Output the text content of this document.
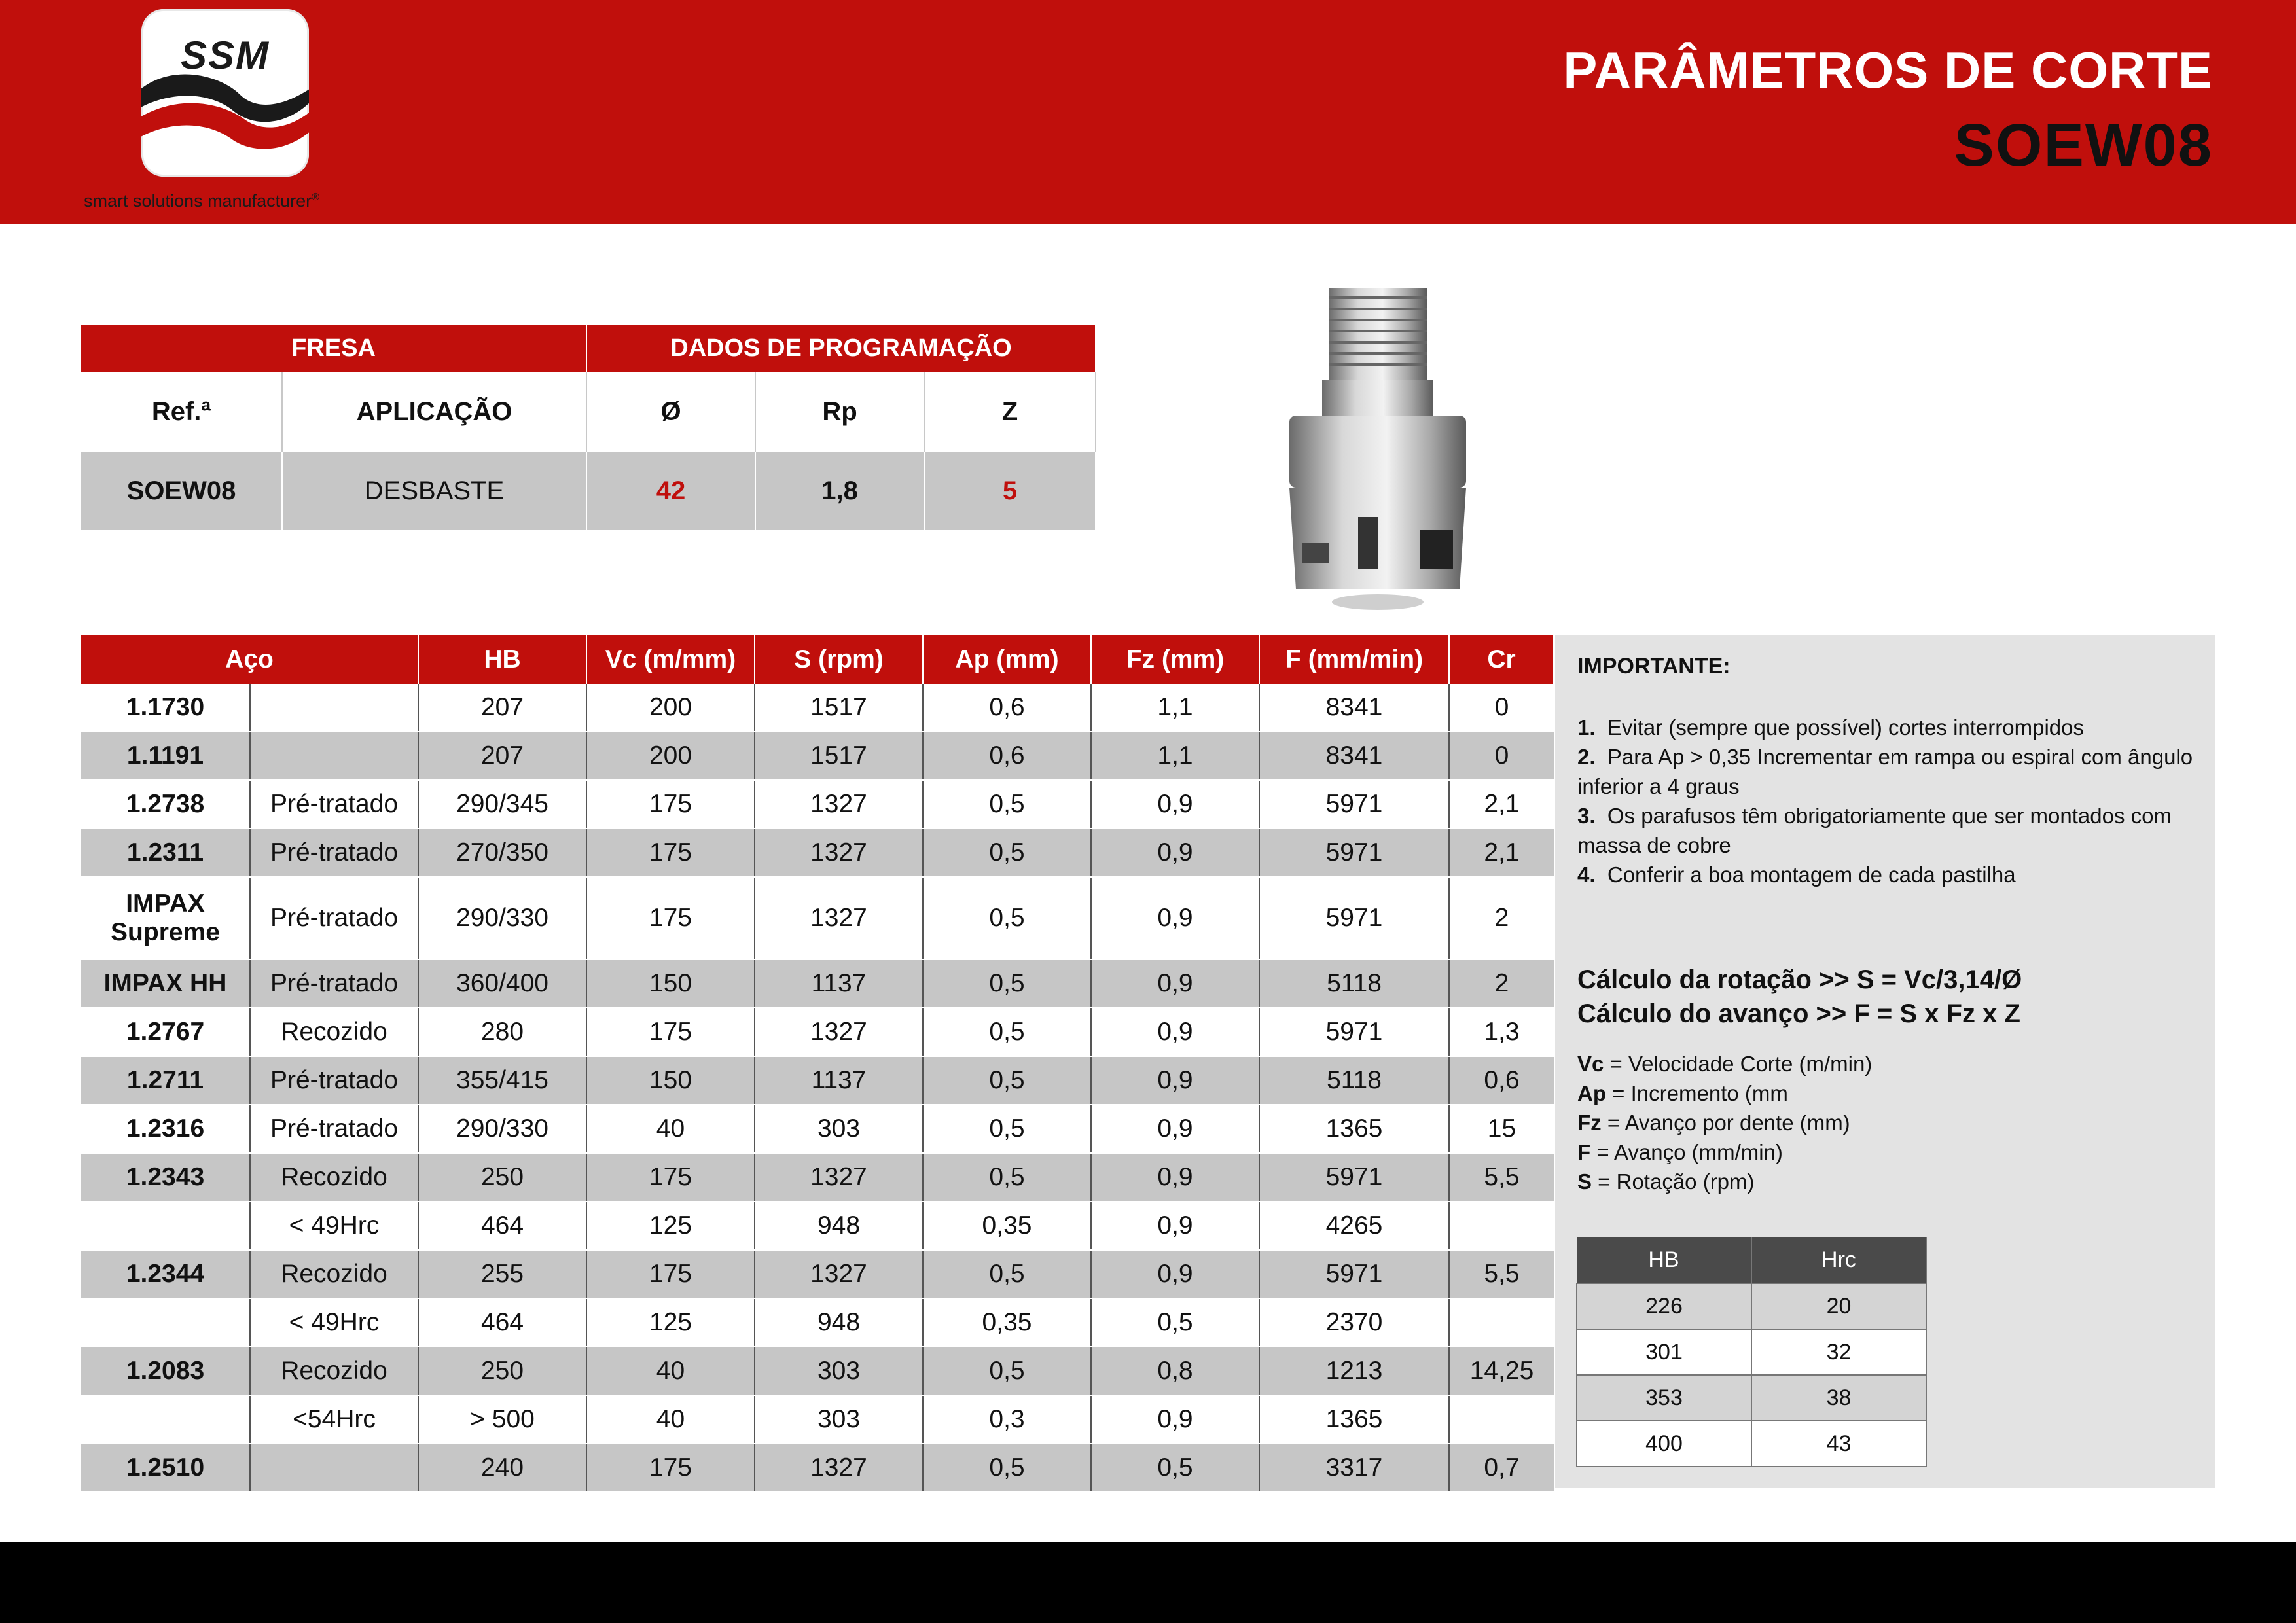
SSM
smart solutions manufacturer®
PARÂMETROS DE CORTE
SOEW08
FRESA		DADOS DE PROGRAMAÇÃO		
Ref.ª	APLICAÇÃO	Ø	Rp	Z
SOEW08	DESBASTE	42	1,8	5
Aço		HB	Vc (m/mm)	S (rpm)	Ap (mm)	Fz (mm)	F (mm/min)	Cr
1.1730		207	200	1517	0,6	1,1	8341	0
1.1191		207	200	1517	0,6	1,1	8341	0
1.2738	Pré-tratado	290/345	175	1327	0,5	0,9	5971	2,1
1.2311	Pré-tratado	270/350	175	1327	0,5	0,9	5971	2,1
IMPAX Supreme	Pré-tratado	290/330	175	1327	0,5	0,9	5971	2
IMPAX HH	Pré-tratado	360/400	150	1137	0,5	0,9	5118	2
1.2767	Recozido	280	175	1327	0,5	0,9	5971	1,3
1.2711	Pré-tratado	355/415	150	1137	0,5	0,9	5118	0,6
1.2316	Pré-tratado	290/330	40	303	0,5	0,9	1365	15
1.2343	Recozido	250	175	1327	0,5	0,9	5971	5,5
	< 49Hrc	464	125	948	0,35	0,9	4265	
1.2344	Recozido	255	175	1327	0,5	0,9	5971	5,5
	< 49Hrc	464	125	948	0,35	0,5	2370	
1.2083	Recozido	250	40	303	0,5	0,8	1213	14,25
	<54Hrc	> 500	40	303	0,3	0,9	1365	
1.2510		240	175	1327	0,5	0,5	3317	0,7
IMPORTANTE:
1. Evitar (sempre que possível) cortes interrompidos
2. Para Ap > 0,35 Incrementar em rampa ou espiral com ângulo inferior a 4 graus
3. Os parafusos têm obrigatoriamente que ser montados com massa de cobre
4. Conferir a boa montagem de cada pastilha
Cálculo da rotação >> S = Vc/3,14/Ø
Cálculo do avanço >> F = S x Fz x Z
Vc = Velocidade Corte (m/min)
Ap = Incremento (mm
Fz = Avanço por dente (mm)
F = Avanço (mm/min)
S = Rotação (rpm)
HB	Hrc
226	20
301	32
353	38
400	43
